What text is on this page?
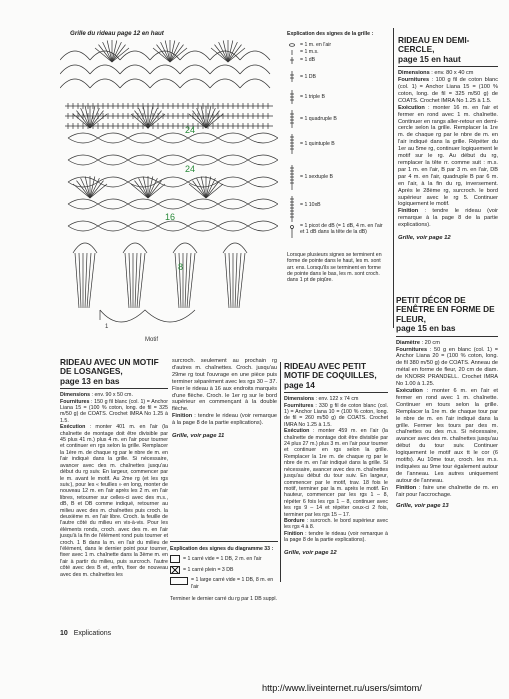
Grille du rideau page 12 en haut
24
24
16
8
1
Motif
Explication des signes de la grille :
= 1 m. en l'air
= 1 m.s.
= 1 dB
= 1 DB
= 1 triple B
= 1 quadruple B
= 1 quintuple B
= 1 sextuple B
= 1 10xB
= 1 picot de dB (= 1 dB, 4 m. en l'air et 1 dB dans la tête de la dB)
Lorsque plusieurs signes se terminent en forme de pointe dans le haut, les m. sont arr. ens. Lorsqu'ils se terminent en forme de pointe dans le bas, les m. sont croch. dans 1 pt de piqûre.
RIDEAU EN DEMI-CERCLE,
page 15 en haut

Dimensions : env. 80 x 40 cm

Fournitures : 100 g fil de coton blanc (col. 1) = Anchor Liana 15 = (100 % coton, long. de fil = 325 m/50 g) de COATS. Crochet IMRA No 1.25 à 1.5.

Exécution : monter 16 m. en l'air et fermer en rond avec 1 m. chaînette. Continuer en rangs aller-retour en demi-cercle selon la grille. Remplacer la 1re m. de chaque rg par le nbre de m. en l'air indiqué dans la grille. Répéter du 1er au 5me rg, continuer logiquement le motif sur le rg. Au début du rg, remplacer la tête rr. comme suit : m.s. par 1 m. en l'air, B par 3 m. en l'air, DB par 4 m. en l'air, quadruple B par 6 m. en l'air, à la fin du rg, inversement. Après le 28ème rg, surcroch. le bord supérieur avec le rg 5. Continuer logiquement le motif.

Finition : tendre le rideau (voir remarque à la page 8 de la partie explications).

Grille, voir page 12
PETIT DÉCOR DE FENÊTRE EN FORME DE FLEUR,
page 15 en bas

Diamètre : 20 cm

Fournitures : 50 g en blanc (col. 1) = Anchor Liana 20 = (100 % coton, long. de fil 380 m/50 g) de COATS. Anneau de métal en forme de fleur, 20 cm de diam. de KNORR PRANDELL. Crochet IMRA No 1.00 à 1.25.

Exécution : monter 6 m. en l'air et fermer en rond avec 1 m. chaînette. Continuer en tours selon la grille. Remplacer la 1re m. de chaque tour par le nbre de m. en l'air indiqué dans la grille. Fermer les tours par des m. chaînettes ou des m.s. Si nécessaire, avancer avec des m. chaînettes jusqu'au début du tour suiv. Continuer logiquement le motif aux tt le cor (6 motifs). Au 10me tour, croch. les m.s. indiquées au 9me tour également autour de l'anneau. Les autres uniquement autour de l'anneau.

Finition : faire une chaînette de m. en l'air pour l'accrochage.

Grille, voir page 13
RIDEAU AVEC UN MOTIF DE LOSANGES,
page 13 en bas

Dimensions : env. 90 x 50 cm.

Fournitures : 150 g fil blanc (col. 1) = Anchor Liana 15 = (100 % coton, long. de fil = 325 m/50 g) de COATS. Crochet IMRA No 1.25 à 1.5.

Exécution : monter 401 m. en l'air (la chaînette de montage doit être divisible par 45 plus 41 m.) plus 4 m. en l'air pour tourner et continuer en rgs selon la grille. Remplacer la 1ère m. de chaque rg par le nbre de m. en l'air indiqué dans la grille. Si nécessaire, avancer avec des m. chaînettes jusqu'au début du rg suiv. En largeur, commencer par le m. avant le motif. Au 2me rg (et les rgs suiv.), pour les « feuilles » en long, monter de nouveau 12 m. en l'air après les 2 m. en l'air libres, retourner sur celles-ci avec des m.s., dB, B et DB comme indiqué, retourner au milieu avec des m. chaînettes puis croch. la deuxième m. en l'air libre. Croch. la feuille de l'autre côté du milieu en vis-à-vis. Pour les éléments ronds, croch. avec des m. en l'air jusqu'à la fin de l'élément rond puis tourner et croch. 1 B dans la m. en l'air du milieu de l'élément, dans le dernier point pour tourner, fixer avec 1 m. chaînette dans la 3ème m. en l'air à partir du milieu, puis surcroch. l'autre côté avec des B et, enfin, fixer de nouveau avec des m. chaînettes les

surcroch. seulement au prochain rg d'autres m. chaînettes. Croch. jusqu'au 29me rg tout l'ouvrage en une pièce puis terminer séparément avec les rgs 30 – 37. Fixer le rideau à 16 aux endroits marqués d'une flèche. Croch. le 1er rg sur le bord supérieur en commençant à la double flèche.

Finition : tendre le rideau (voir remarque à la page 8 de la partie explications).

Grille, voir page 11
Explication des signes du diagramme 33 :
= 1 carré vide = 1 DB, 2 m. en l'air
= 1 carré plein = 3 DB
= 1 large carré vide = 1 DB, 8 m. en l'air
Terminer le dernier carré du rg par 1 DB suppl.
RIDEAU AVEC PETIT MOTIF DE COQUILLES,
page 14

Dimensions : env. 122 x 74 cm

Fournitures : 330 g fil de coton blanc (col. 1) = Anchor Liana 10 = (100 % coton, long. de fil = 260 m/50 g) de COATS. Crochet IMRA No 1.25 à 1.5.

Exécution : monter 459 m. en l'air (la chaînette de montage doit être divisible par 24 plus 27 m.) plus 3 m. en l'air pour tourner et continuer en rgs selon la grille. Remplacer la 1re m. de chaque rg par le nbre de m. en l'air indiqué dans la grille. Si nécessaire, avancer avec des m. chaînettes jusqu'au début du tour suiv. En largeur, commencer par le motif, trav. 18 fois le motif, terminer par la m. après le motif. En hauteur, commencer par les rgs 1 – 8, répéter 6 fois les rgs 1 – 8, continuer avec les rgs 9 – 14 et répéter ceux-ci 2 fois, terminer par les rgs 15 – 17.

Bordure : surcroch. le bord supérieur avec les rgs 4 à 8.

Finition : tendre le rideau (voir remarque à la page 8 de la partie explications).

Grille, voir page 12
10 Explications
http://www.liveinternet.ru/users/simtom/
